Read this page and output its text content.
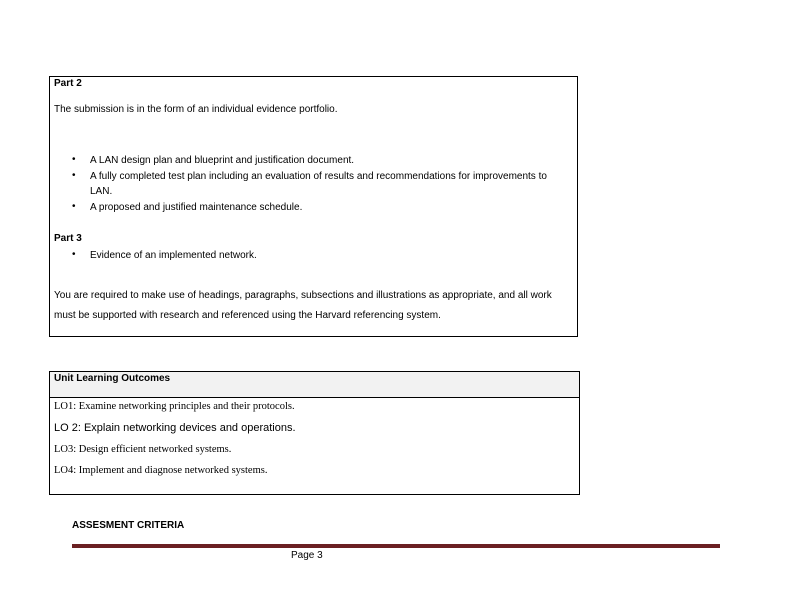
Part 2

The submission is in the form of an individual evidence portfolio.

• A LAN design plan and blueprint and justification document.

• A fully completed test plan including an evaluation of results and recommendations for improvements to LAN.

• A proposed and justified maintenance schedule.

Part 3

• Evidence of an implemented network.

You are required to make use of headings, paragraphs, subsections and illustrations as appropriate, and all work must be supported with research and referenced using the Harvard referencing system.

Unit Learning Outcomes

LO1: Examine networking principles and their protocols.

LO 2: Explain networking devices and operations.

LO3: Design efficient networked systems.

LO4: Implement and diagnose networked systems.

ASSESMENT CRITERIA

Page 3
